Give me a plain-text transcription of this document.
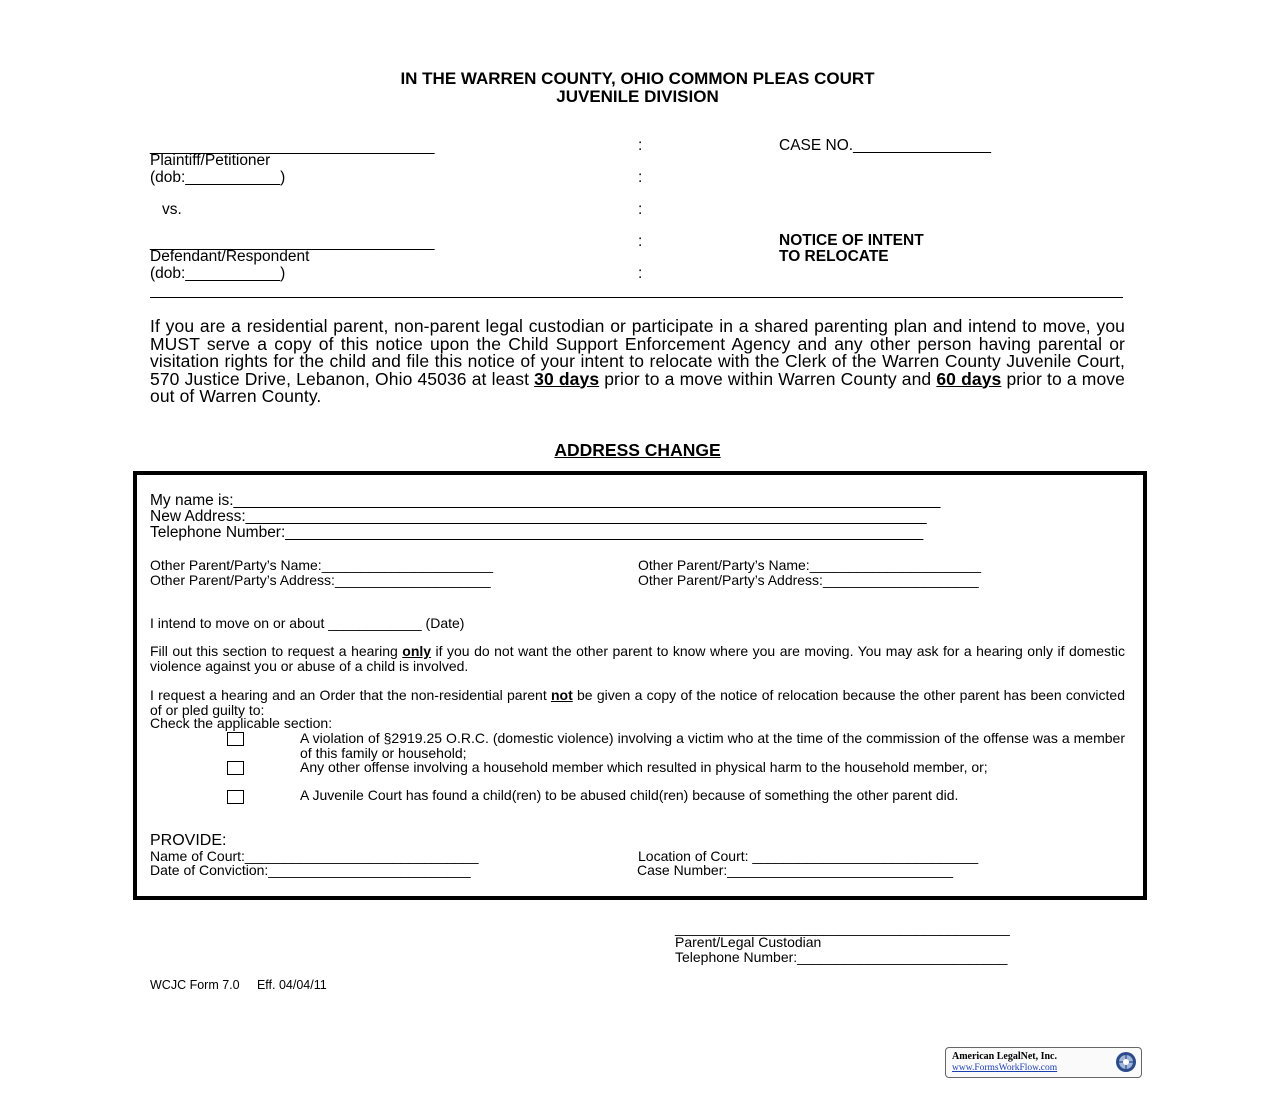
IN THE WARREN COUNTY, OHIO COMMON PLEAS COURT
JUVENILE DIVISION
_________________________________
Plaintiff/Petitioner
(dob:___________)
vs.
_________________________________
Defendant/Respondent
(dob:___________)
:
:
:
:
:
CASE NO.________________
NOTICE OF INTENT
TO RELOCATE
If you are a residential parent, non-parent legal custodian or participate in a shared parenting plan and intend to move, you MUST serve a copy of this notice upon the Child Support Enforcement Agency and any other person having parental or visitation rights for the child and file this notice of your intent to relocate with the Clerk of the Warren County Juvenile Court, 570 Justice Drive, Lebanon, Ohio 45036 at least 30 days prior to a move within Warren County and 60 days prior to a move out of Warren County.
ADDRESS CHANGE
My name is:__________________________________________________________________________________
New Address:_______________________________________________________________________________
Telephone Number:__________________________________________________________________________
Other Parent/Party’s Name:______________________
Other Parent/Party’s Address:____________________
Other Parent/Party’s Name:______________________
Other Parent/Party’s Address:____________________
I intend to move on or about ____________ (Date)
Fill out this section to request a hearing only if you do not want the other parent to know where you are moving. You may ask for a hearing only if domestic violence against you or abuse of a child is involved.
I request a hearing and an Order that the non-residential parent not be given a copy of the notice of relocation because the other parent has been convicted of or pled guilty to:
Check the applicable section:
A violation of §2919.25 O.R.C. (domestic violence) involving a victim who at the time of the commission of the offense was a member of this family or household;
Any other offense involving a household member which resulted in physical harm to the household member, or;
A Juvenile Court has found a child(ren) to be abused child(ren) because of something the other parent did.
PROVIDE:
Name of Court:______________________________
Date of Conviction:__________________________
Location of Court: _____________________________
Case Number:_____________________________
___________________________________________
Parent/Legal Custodian
Telephone Number:___________________________
WCJC Form 7.0     Eff. 04/04/11
American LegalNet, Inc.
www.FormsWorkFlow.com
